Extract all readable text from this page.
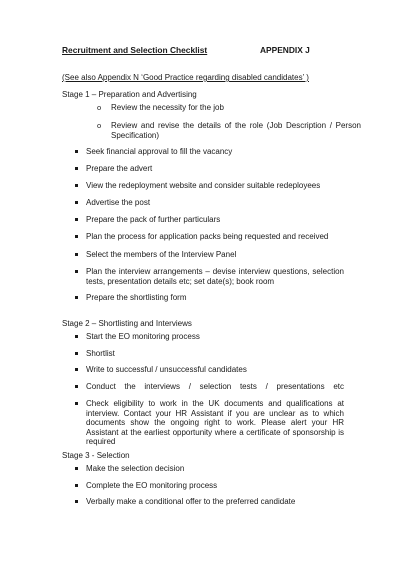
Recruitment and Selection Checklist	APPENDIX J
(See also Appendix N ‘Good Practice regarding disabled candidates’ )
Stage 1 – Preparation and Advertising
o Review the necessity for the job
o Review and revise the details of the role (Job Description / Person Specification)
Seek financial approval to fill the vacancy
Prepare the advert
View the redeployment website and consider suitable redeployees
Advertise the post
Prepare the pack of further particulars
Plan the process for application packs being requested and received
Select the members of the Interview Panel
Plan the interview arrangements – devise interview questions, selection tests, presentation details etc; set date(s); book room
Prepare the shortlisting form
Stage 2 – Shortlisting and Interviews
Start the EO monitoring process
Shortlist
Write to successful / unsuccessful candidates
Conduct the interviews / selection tests / presentations etc
Check eligibility to work in the UK documents and qualifications at interview. Contact your HR Assistant if you are unclear as to which documents show the ongoing right to work. Please alert your HR Assistant at the earliest opportunity where a certificate of sponsorship is required
Stage 3 - Selection
Make the selection decision
Complete the EO monitoring process
Verbally make a conditional offer to the preferred candidate
